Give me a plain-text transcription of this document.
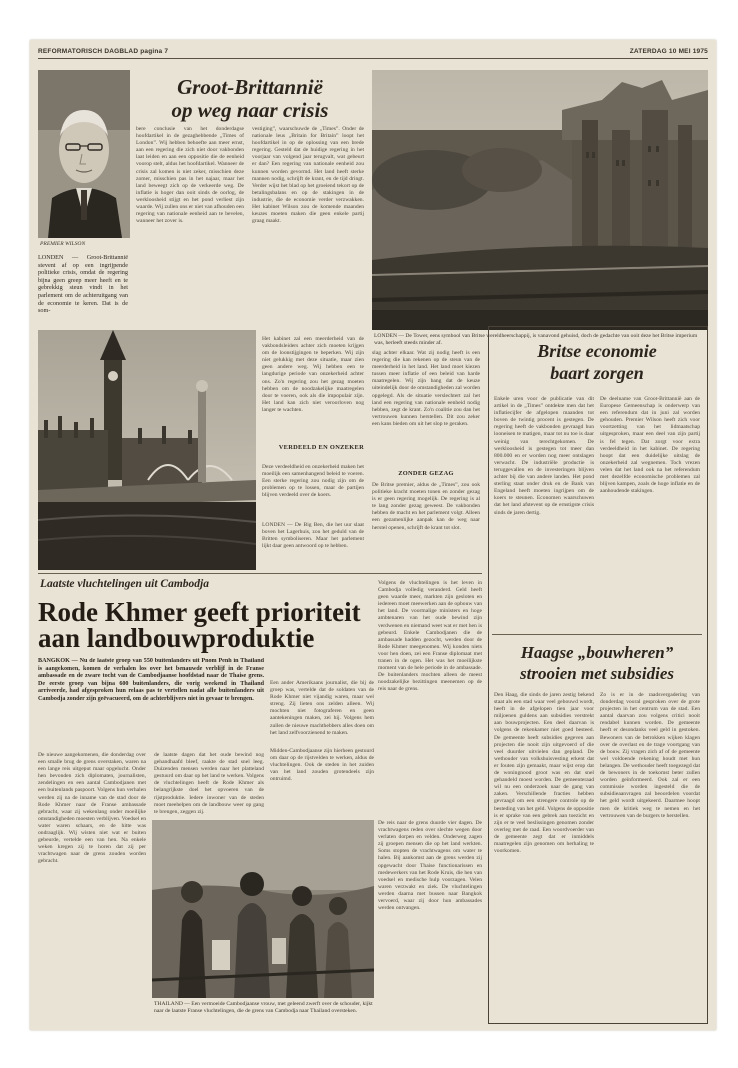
REFORMATORISCH DAGBLAD pagina 7	ZATERDAG 10 MEI 1975
PREMIER WILSON
Groot-Brittannië
op weg naar crisis

LONDEN — Groot-Brittannië stevent af op een ingrijpende politieke crisis, omdat de regering bijna geen greep meer heeft en te gebrekkig steun vindt in het parlement om de achteruitgang van de economie te keren. Dat is de som-

bere conclusie van het donderdagse hoofdartikel in de gezaghebbende „Times of London”. Wij hebben behoefte aan meer ernst, aan een regering die zich niet door vakbonden laat leiden en aan een oppositie die de eenheid voorop stelt, aldus het hoofdartikel. Wanneer de crisis zal komen is niet zeker, misschien deze zomer, misschien pas in het najaar, maar het land beweegt zich op de verkeerde weg. De inflatie is hoger dan ooit sinds de oorlog, de werkloosheid stijgt en het pond verliest zijn waarde. Wij zullen ons er niet van afhouden een regering van nationale eenheid aan te bevelen, wanneer het zover is.

vestiging”, waarschuwde de „Times”. Onder de nationale leus „Britain for Britain” loopt het hoofdartikel in op de oplossing van een brede regering. Gesteld dat de huidige regering in het voorjaar van volgend jaar terugvalt, wat gebeurt er dan? Een regering van nationale eenheid zou kunnen worden gevormd. Het land heeft sterke mannen nodig, schrijft de krant, en de tijd dringt. Verder wijst het blad op het groeiend tekort op de betalingsbalans en op de stakingen in de industrie, die de economie verder verzwakken. Het kabinet Wilson zou de komende maanden keuzes moeten maken die geen enkele partij graag maakt.

LONDEN — De Tower, eens symbool van Britse wereldheerschappij, is vanavond gehuisd, doch de gedachte van ooit deze het Britse imperium was, herleeft steeds minder af.

Het kabinet zal een meerderheid van de vakbondsleiders achter zich moeten krijgen om de loonstijgingen te beperken. Wij zijn niet gelukkig met deze situatie, maar zien geen andere weg. Wij hebben een te langdurige periode van onzekerheid achter ons. Zo'n regering zou het gezag moeten hebben om de noodzakelijke maatregelen door te voeren, ook als die impopulair zijn. Het land kan zich niet veroorloven nog langer te wachten.

VERDEELD EN ONZEKER

Deze verdeeldheid en onzekerheid maken het moeilijk een samenhangend beleid te voeren. Een sterke regering zou nodig zijn om de problemen op te lossen, maar de partijen blijven verdeeld over de koers.

LONDEN — De Big Ben, die het uur slaat boven het Lagerhuis, zou het geduld van de Britten symboliseren. Maar het parlement lijkt daar geen antwoord op te hebben.

slag achter elkaar. Wat zij nodig heeft is een regering die kan rekenen op de steun van de meerderheid in het land. Het land moet kiezen tussen meer inflatie of een beleid van harde maatregelen. Wij zijn bang dat de keuze uiteindelijk door de omstandigheden zal worden opgelegd. Als de situatie verslechtert zal het land een regering van nationale eenheid nodig hebben, zegt de krant. Zo'n coalitie zou dan het vertrouwen kunnen herstellen. Dit zou zeker een kans bieden om uit het slop te geraken.

ZONDER GEZAG

De Britse premier, aldus de „Times”, zou ook politieke kracht moeten tonen en zonder gezag is er geen regering mogelijk. De regering is al te lang zonder gezag geweest. De vakbonden hebben de macht en het parlement volgt. Alleen een gezamenlijke aanpak kan de weg naar herstel openen, schrijft de krant tot slot.

Britse economie
baart zorgen

Enkele uren voor de publicatie van dit artikel in de „Times” ontdekte men dat het inflatiecijfer de afgelopen maanden tot boven de twintig procent is gestegen. De regering heeft de vakbonden gevraagd hun looneisen te matigen, maar tot nu toe is daar weinig van terechtgekomen. De werkloosheid is gestegen tot meer dan 800.000 en er worden nog meer ontslagen verwacht. De industriële productie is teruggevallen en de investeringen blijven achter bij die van andere landen. Het pond sterling staat onder druk en de Bank van Engeland heeft moeten ingrijpen om de koers te steunen. Economen waarschuwen dat het land afstevent op de ernstigste crisis sinds de jaren dertig.

De deelname van Groot-Brittannië aan de Europese Gemeenschap is onderwerp van een referendum dat in juni zal worden gehouden. Premier Wilson heeft zich voor voortzetting van het lidmaatschap uitgesproken, maar een deel van zijn partij is fel tegen. Dat zorgt voor extra verdeeldheid in het kabinet. De regering hoopt dat een duidelijke uitslag de onzekerheid zal wegnemen. Toch vrezen velen dat het land ook na het referendum met dezelfde economische problemen zal blijven kampen, zoals de hoge inflatie en de aanhoudende stakingen.

Haagse „bouwheren”
strooien met subsidies

Den Haag, die sinds de jaren zestig bekend staat als een stad waar veel gebouwd wordt, heeft in de afgelopen tien jaar voor miljoenen guldens aan subsidies verstrekt aan bouwprojecten. Een deel daarvan is volgens de rekenkamer niet goed besteed. De gemeente heeft subsidies gegeven aan projecten die nooit zijn uitgevoerd of die veel duurder uitvielen dan gepland. De wethouder van volkshuisvesting erkent dat er fouten zijn gemaakt, maar wijst erop dat de woningnood groot was en dat snel gehandeld moest worden. De gemeenteraad wil nu een onderzoek naar de gang van zaken. Verschillende fracties hebben gevraagd om een strengere controle op de besteding van het geld. Volgens de oppositie is er sprake van een gebrek aan toezicht en zijn er te veel beslissingen genomen zonder overleg met de raad. Een woordvoerder van de gemeente zegt dat er inmiddels maatregelen zijn genomen om herhaling te voorkomen.

Zo is er in de raadsvergadering van donderdag vooral gesproken over de grote projecten in het centrum van de stad. Een aantal daarvan zou volgens critici nooit rendabel kunnen worden. De gemeente heeft er desondanks veel geld in gestoken. Bewoners van de betrokken wijken klagen over de overlast en de trage voortgang van de bouw. Zij vragen zich af of de gemeente wel voldoende rekening houdt met hun belangen. De wethouder heeft toegezegd dat de bewoners in de toekomst beter zullen worden geïnformeerd. Ook zal er een commissie worden ingesteld die de subsidieaanvragen zal beoordelen voordat het geld wordt uitgekeerd. Daarmee hoopt men de kritiek weg te nemen en het vertrouwen van de burgers te herstellen.

Laatste vluchtelingen uit Cambodja
Rode Khmer geeft prioriteit
aan landbouwproduktie

BANGKOK — Nu de laatste groep van 550 buitenlanders uit Pnom Penh in Thailand is aangekomen, komen de verhalen los over het benauwde verblijf in de Franse ambassade en de zware tocht van de Cambodjaanse hoofdstad naar de Thaise grens. De eerste groep van bijna 600 buitenlanders, die vorig weekend in Thailand arriveerde, had afgesproken hun relaas pas te vertellen nadat alle buitenlanders uit Cambodja zonder zijn geëvacueerd, om de achterblijvers niet in gevaar te brengen.

De nieuwe aangekomenen, die donderdag over een smalle brug de grens overstaken, waren na een lange reis uitgeput maar opgelucht. Onder hen bevonden zich diplomaten, journalisten, zendelingen en een aantal Cambodjanen met een buitenlands paspoort. Volgens hun verhalen werden zij na de inname van de stad door de Rode Khmer naar de Franse ambassade gebracht, waar zij wekenlang onder moeilijke omstandigheden moesten verblijven. Voedsel en water waren schaars, en de hitte was ondraaglijk. Wij wisten niet wat er buiten gebeurde, vertelde een van hen. Na enkele weken kregen zij te horen dat zij per vrachtwagen naar de grens zouden worden gebracht.

de laatste dagen dat het oude bewind nog gehandhaafd bleef, raakte de stad snel leeg. Duizenden mensen werden naar het platteland gestuurd om daar op het land te werken. Volgens de vluchtelingen heeft de Rode Khmer als belangrijkste doel het opvoeren van de rijstproduktie. Iedere inwoner van de steden moet meehelpen om de landbouw weer op gang te brengen, zeggen zij.

Een ander Amerikaans journalist, die bij de groep was, vertelde dat de soldaten van de Rode Khmer niet vijandig waren, maar wel streng. Zij lieten ons zelden alleen. Wij mochten niet fotograferen en geen aantekeningen maken, zei hij. Volgens hem zullen de nieuwe machthebbers alles doen om het land zelfvoorzienend te maken.

Midden-Cambodjaanse zijn hierheen gestuurd om daar op de rijstvelden te werken, aldus de vluchtelingen. Ook de steden in het zuiden van het land zouden grotendeels zijn ontruimd.

Volgens de vluchtelingen is het leven in Cambodja volledig veranderd. Geld heeft geen waarde meer, markten zijn gesloten en iedereen moet meewerken aan de opbouw van het land. De voormalige ministers en hoge ambtenaren van het oude bewind zijn verdwenen en niemand weet wat er met hen is gebeurd. Enkele Cambodjanen die de ambassade hadden gezocht, werden door de Rode Khmer meegenomen. Wij konden niets voor hen doen, zei een Franse diplomaat met tranen in de ogen. Het was het moeilijkste moment van de hele periode in de ambassade. De buitenlanders mochten alleen de meest noodzakelijke bezittingen meenemen op de reis naar de grens.

De reis naar de grens duurde vier dagen. De vrachtwagens reden over slechte wegen door verlaten dorpen en velden. Onderweg zagen zij groepen mensen die op het land werkten. Soms stopten de vrachtwagens om water te halen. Bij aankomst aan de grens werden zij opgewacht door Thaise functionarissen en medewerkers van het Rode Kruis, die hen van voedsel en medische hulp voorzagen. Velen waren verzwakt en ziek. De vluchtelingen werden daarna met bussen naar Bangkok vervoerd, waar zij door hun ambassades werden ontvangen.

THAILAND — Een vermoeide Cambodjaanse vrouw, met geleend zwerft over de schouder, kijkt naar de laatste Franse vluchtelingen, die de grens van Cambodja naar Thailand oversteken.
